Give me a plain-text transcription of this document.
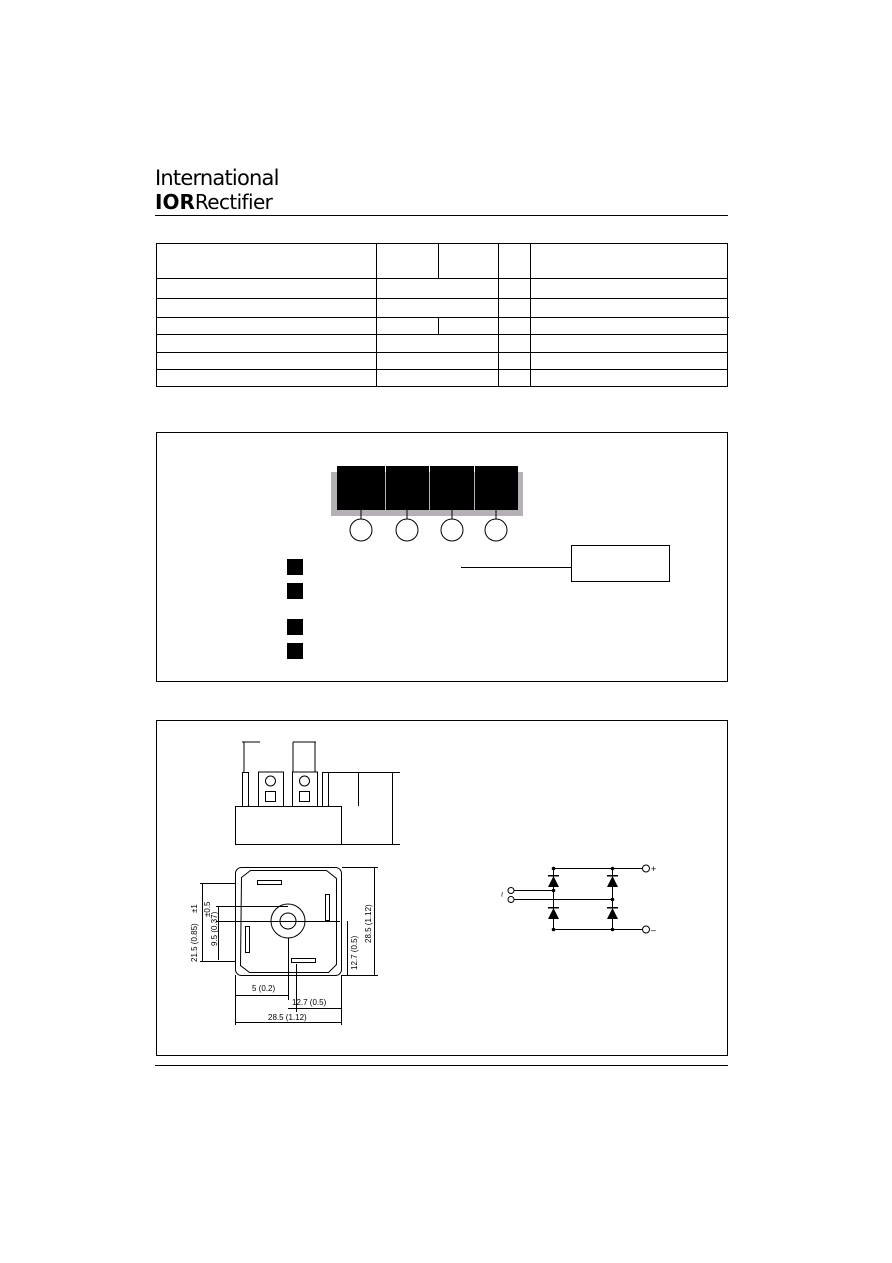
International
IORRectifier
21.5 (0.85)
±1 ±0.5
9.5 (0.37)
12.7 (0.5)
28.5 (1.12)
5 (0.2)
12.7 (0.5)
28.5 (1.12)
~
+
–
